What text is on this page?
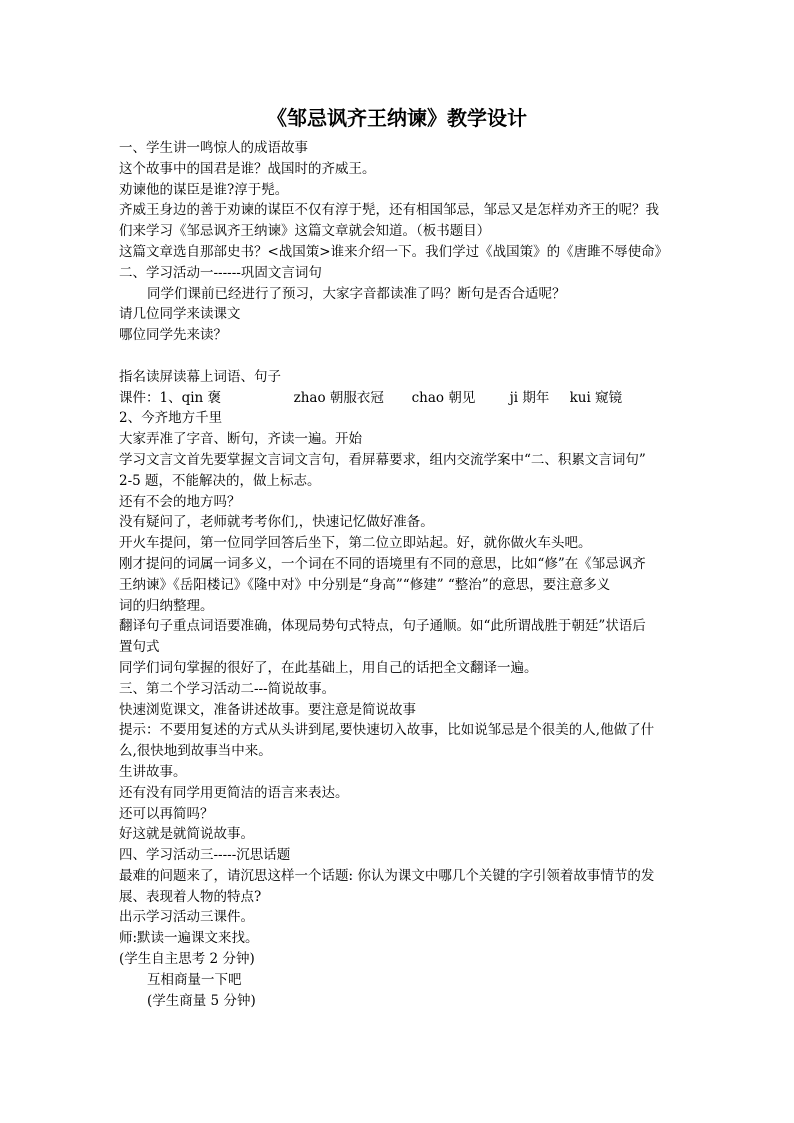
《邹忌讽齐王纳谏》教学设计
一、学生讲一鸣惊人的成语故事
这个故事中的国君是谁？战国时的齐威王。
劝谏他的谋臣是谁?淳于髡。
齐威王身边的善于劝谏的谋臣不仅有淳于髡，还有相国邹忌，邹忌又是怎样劝齐王的呢？我
们来学习《邹忌讽齐王纳谏》这篇文章就会知道。（板书题目）
这篇文章选自那部史书？<战国策>谁来介绍一下。我们学过《战国策》的《唐雎不辱使命》
二、学习活动一------巩固文言词句
同学们课前已经进行了预习，大家字音都读准了吗？断句是否合适呢？
请几位同学来读课文
哪位同学先来读？
指名读屏读幕上词语、句子
课件：1、qin 褒	zhao 朝服衣冠 chao 朝见	ji 期年 kui 窥镜
2、今齐地方千里
大家弄准了字音、断句，齐读一遍。开始
学习文言文首先要掌握文言词文言句，看屏幕要求，组内交流学案中“二、积累文言词句”
2-5 题，不能解决的，做上标志。
还有不会的地方吗？
没有疑问了，老师就考考你们,，快速记忆做好准备。
开火车提问，第一位同学回答后坐下，第二位立即站起。好，就你做火车头吧。
刚才提问的词属一词多义，一个词在不同的语境里有不同的意思，比如“修”在《邹忌讽齐
王纳谏》《岳阳楼记》《隆中对》中分别是“身高”“修建” “整治”的意思，要注意多义
词的归纳整理。
翻译句子重点词语要准确，体现局势句式特点，句子通顺。如“此所谓战胜于朝廷”状语后
置句式
同学们词句掌握的很好了，在此基础上，用自己的话把全文翻译一遍。
三、第二个学习活动二---简说故事。
快速浏览课文，准备讲述故事。要注意是简说故事
提示：不要用复述的方式从头讲到尾,要快速切入故事，比如说邹忌是个很美的人,他做了什
么,很快地到故事当中来。
生讲故事。
还有没有同学用更简洁的语言来表达。
还可以再简吗？
好这就是就简说故事。
四、学习活动三-----沉思话题
最难的问题来了，请沉思这样一个话题: 你认为课文中哪几个关键的字引领着故事情节的发
展、表现着人物的特点?
出示学习活动三课件。
师:默读一遍课文来找。
(学生自主思考 2 分钟)
互相商量一下吧
(学生商量 5 分钟)
